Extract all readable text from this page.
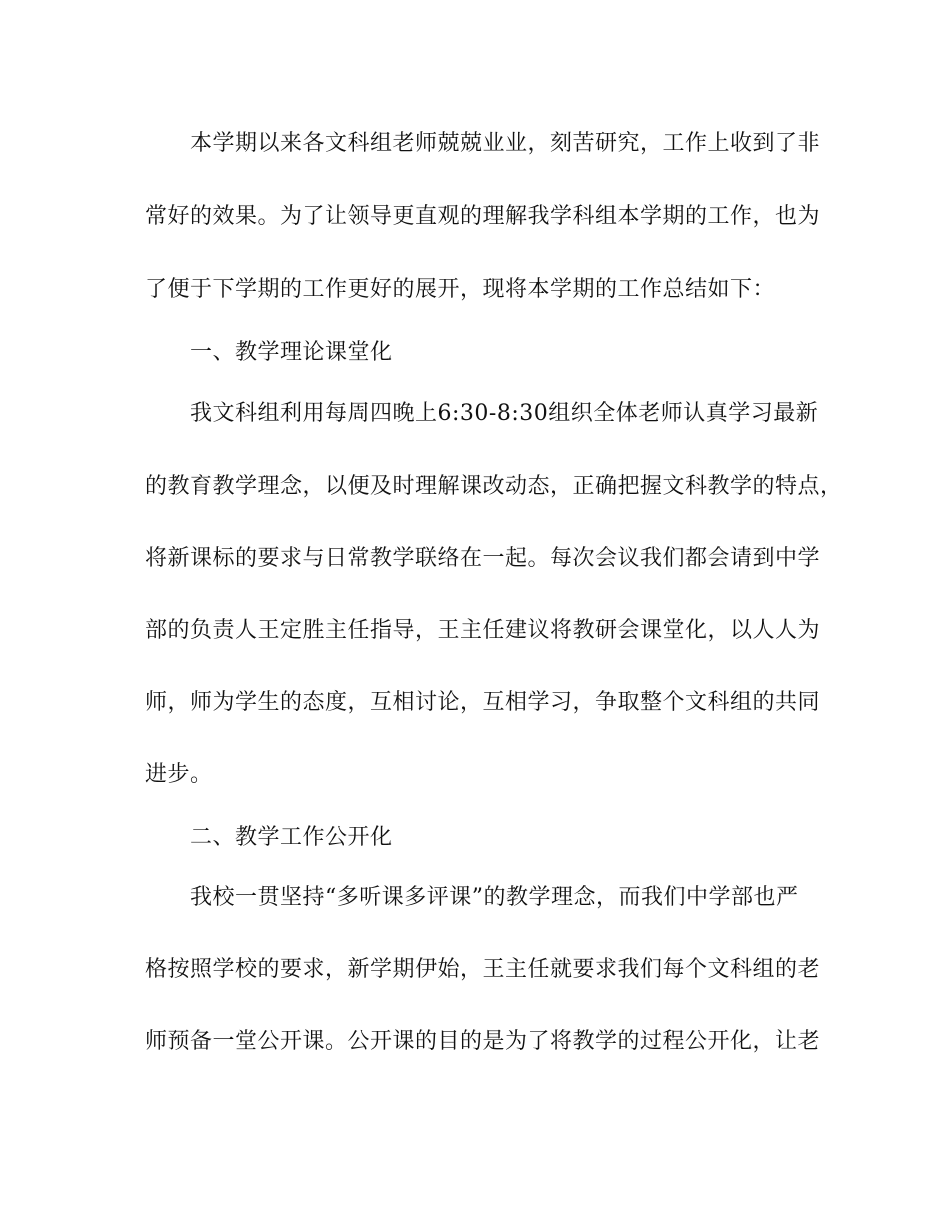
本学期以来各文科组老师兢兢业业，刻苦研究，工作上收到了非
常好的效果。为了让领导更直观的理解我学科组本学期的工作，也为
了便于下学期的工作更好的展开，现将本学期的工作总结如下：
一、教学理论课堂化
我文科组利用每周四晚上6:30-8:30组织全体老师认真学习最新
的教育教学理念，以便及时理解课改动态，正确把握文科教学的特点，
将新课标的要求与日常教学联络在一起。每次会议我们都会请到中学
部的负责人王定胜主任指导，王主任建议将教研会课堂化，以人人为
师，师为学生的态度，互相讨论，互相学习，争取整个文科组的共同
进步。
二、教学工作公开化
我校一贯坚持“多听课多评课”的教学理念，而我们中学部也严
格按照学校的要求，新学期伊始，王主任就要求我们每个文科组的老
师预备一堂公开课。公开课的目的是为了将教学的过程公开化，让老
